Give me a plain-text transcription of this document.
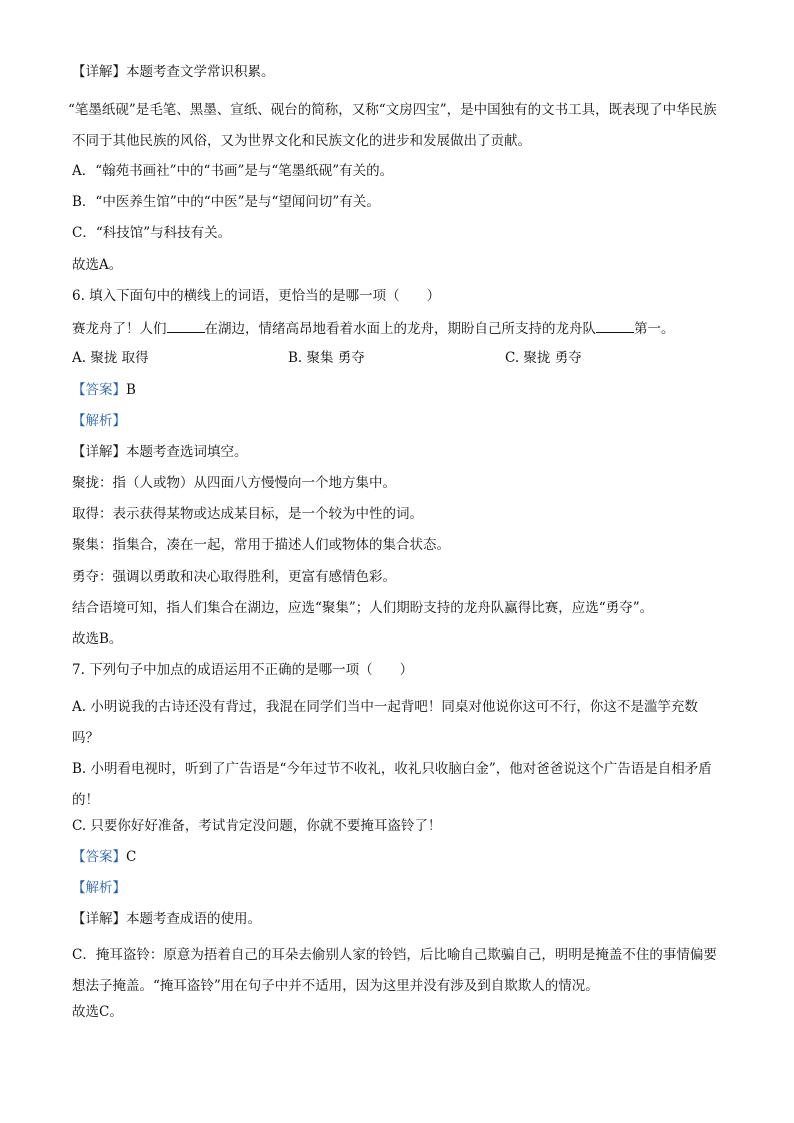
【详解】本题考查文学常识积累。

“笔墨纸砚”是毛笔、黑墨、宣纸、砚台的简称，又称“文房四宝”，是中国独有的文书工具，既表现了中华民族不同于其他民族的风俗，又为世界文化和民族文化的进步和发展做出了贡献。

A．“翰苑书画社”中的“书画”是与“笔墨纸砚”有关的。

B．“中医养生馆”中的“中医”是与“望闻问切”有关。

C．“科技馆”与科技有关。

故选A。

6. 填入下面句中的横线上的词语，更恰当的是哪一项（　　）

赛龙舟了！人们	在湖边，情绪高昂地看着水面上的龙舟，期盼自己所支持的龙舟队	第一。

A. 聚拢 取得	B. 聚集 勇夺	C. 聚拢 勇夺

【答案】B

【解析】

【详解】本题考查选词填空。

聚拢：指（人或物）从四面八方慢慢向一个地方集中。

取得：表示获得某物或达成某目标，是一个较为中性的词。

聚集：指集合，凑在一起，常用于描述人们或物体的集合状态。

勇夺：强调以勇敢和决心取得胜利，更富有感情色彩。

结合语境可知，指人们集合在湖边，应选“聚集”；人们期盼支持的龙舟队赢得比赛，应选“勇夺”。

故选B。

7. 下列句子中加点的成语运用不正确的是哪一项（　　）

A. 小明说我的古诗还没有背过，我混在同学们当中一起背吧！同桌对他说你这可不行，你这不是滥竽充数吗？

B. 小明看电视时，听到了广告语是“今年过节不收礼，收礼只收脑白金”，他对爸爸说这个广告语是自相矛盾的！

C. 只要你好好准备，考试肯定没问题，你就不要掩耳盗铃了！

【答案】C

【解析】

【详解】本题考查成语的使用。

C．掩耳盗铃：原意为捂着自己的耳朵去偷别人家的铃铛，后比喻自己欺骗自己，明明是掩盖不住的事情偏要想法子掩盖。“掩耳盗铃”用在句子中并不适用，因为这里并没有涉及到自欺欺人的情况。

故选C。
